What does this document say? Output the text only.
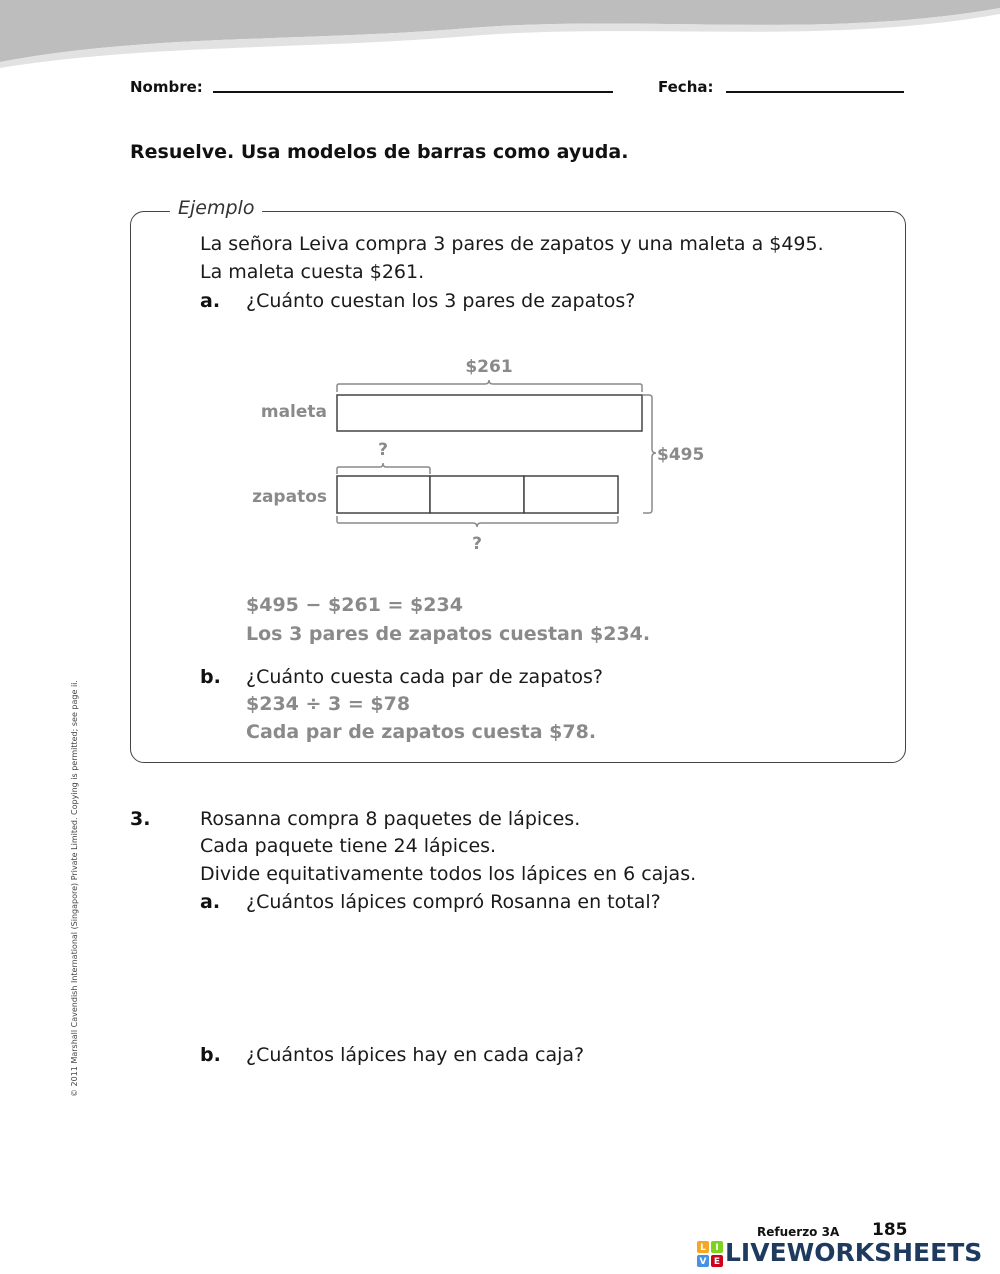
Nombre:	Fecha:
Resuelve. Usa modelos de barras como ayuda.
Ejemplo
La señora Leiva compra 3 pares de zapatos y una maleta a $495.
La maleta cuesta $261.
a. ¿Cuánto cuestan los 3 pares de zapatos?
$261
maleta
?
zapatos
$495
?
$495 − $261 = $234
Los 3 pares de zapatos cuestan $234.
b. ¿Cuánto cuesta cada par de zapatos?
$234 ÷ 3 = $78
Cada par de zapatos cuesta $78.
3.	Rosanna compra 8 paquetes de lápices.
Cada paquete tiene 24 lápices.
Divide equitativamente todos los lápices en 6 cajas.
a. ¿Cuántos lápices compró Rosanna en total?
b. ¿Cuántos lápices hay en cada caja?
© 2011 Marshall Cavendish International (Singapore) Private Limited. Copying is permitted; see page ii.
Refuerzo 3A 185
L I
V E LIVEWORKSHEETS
